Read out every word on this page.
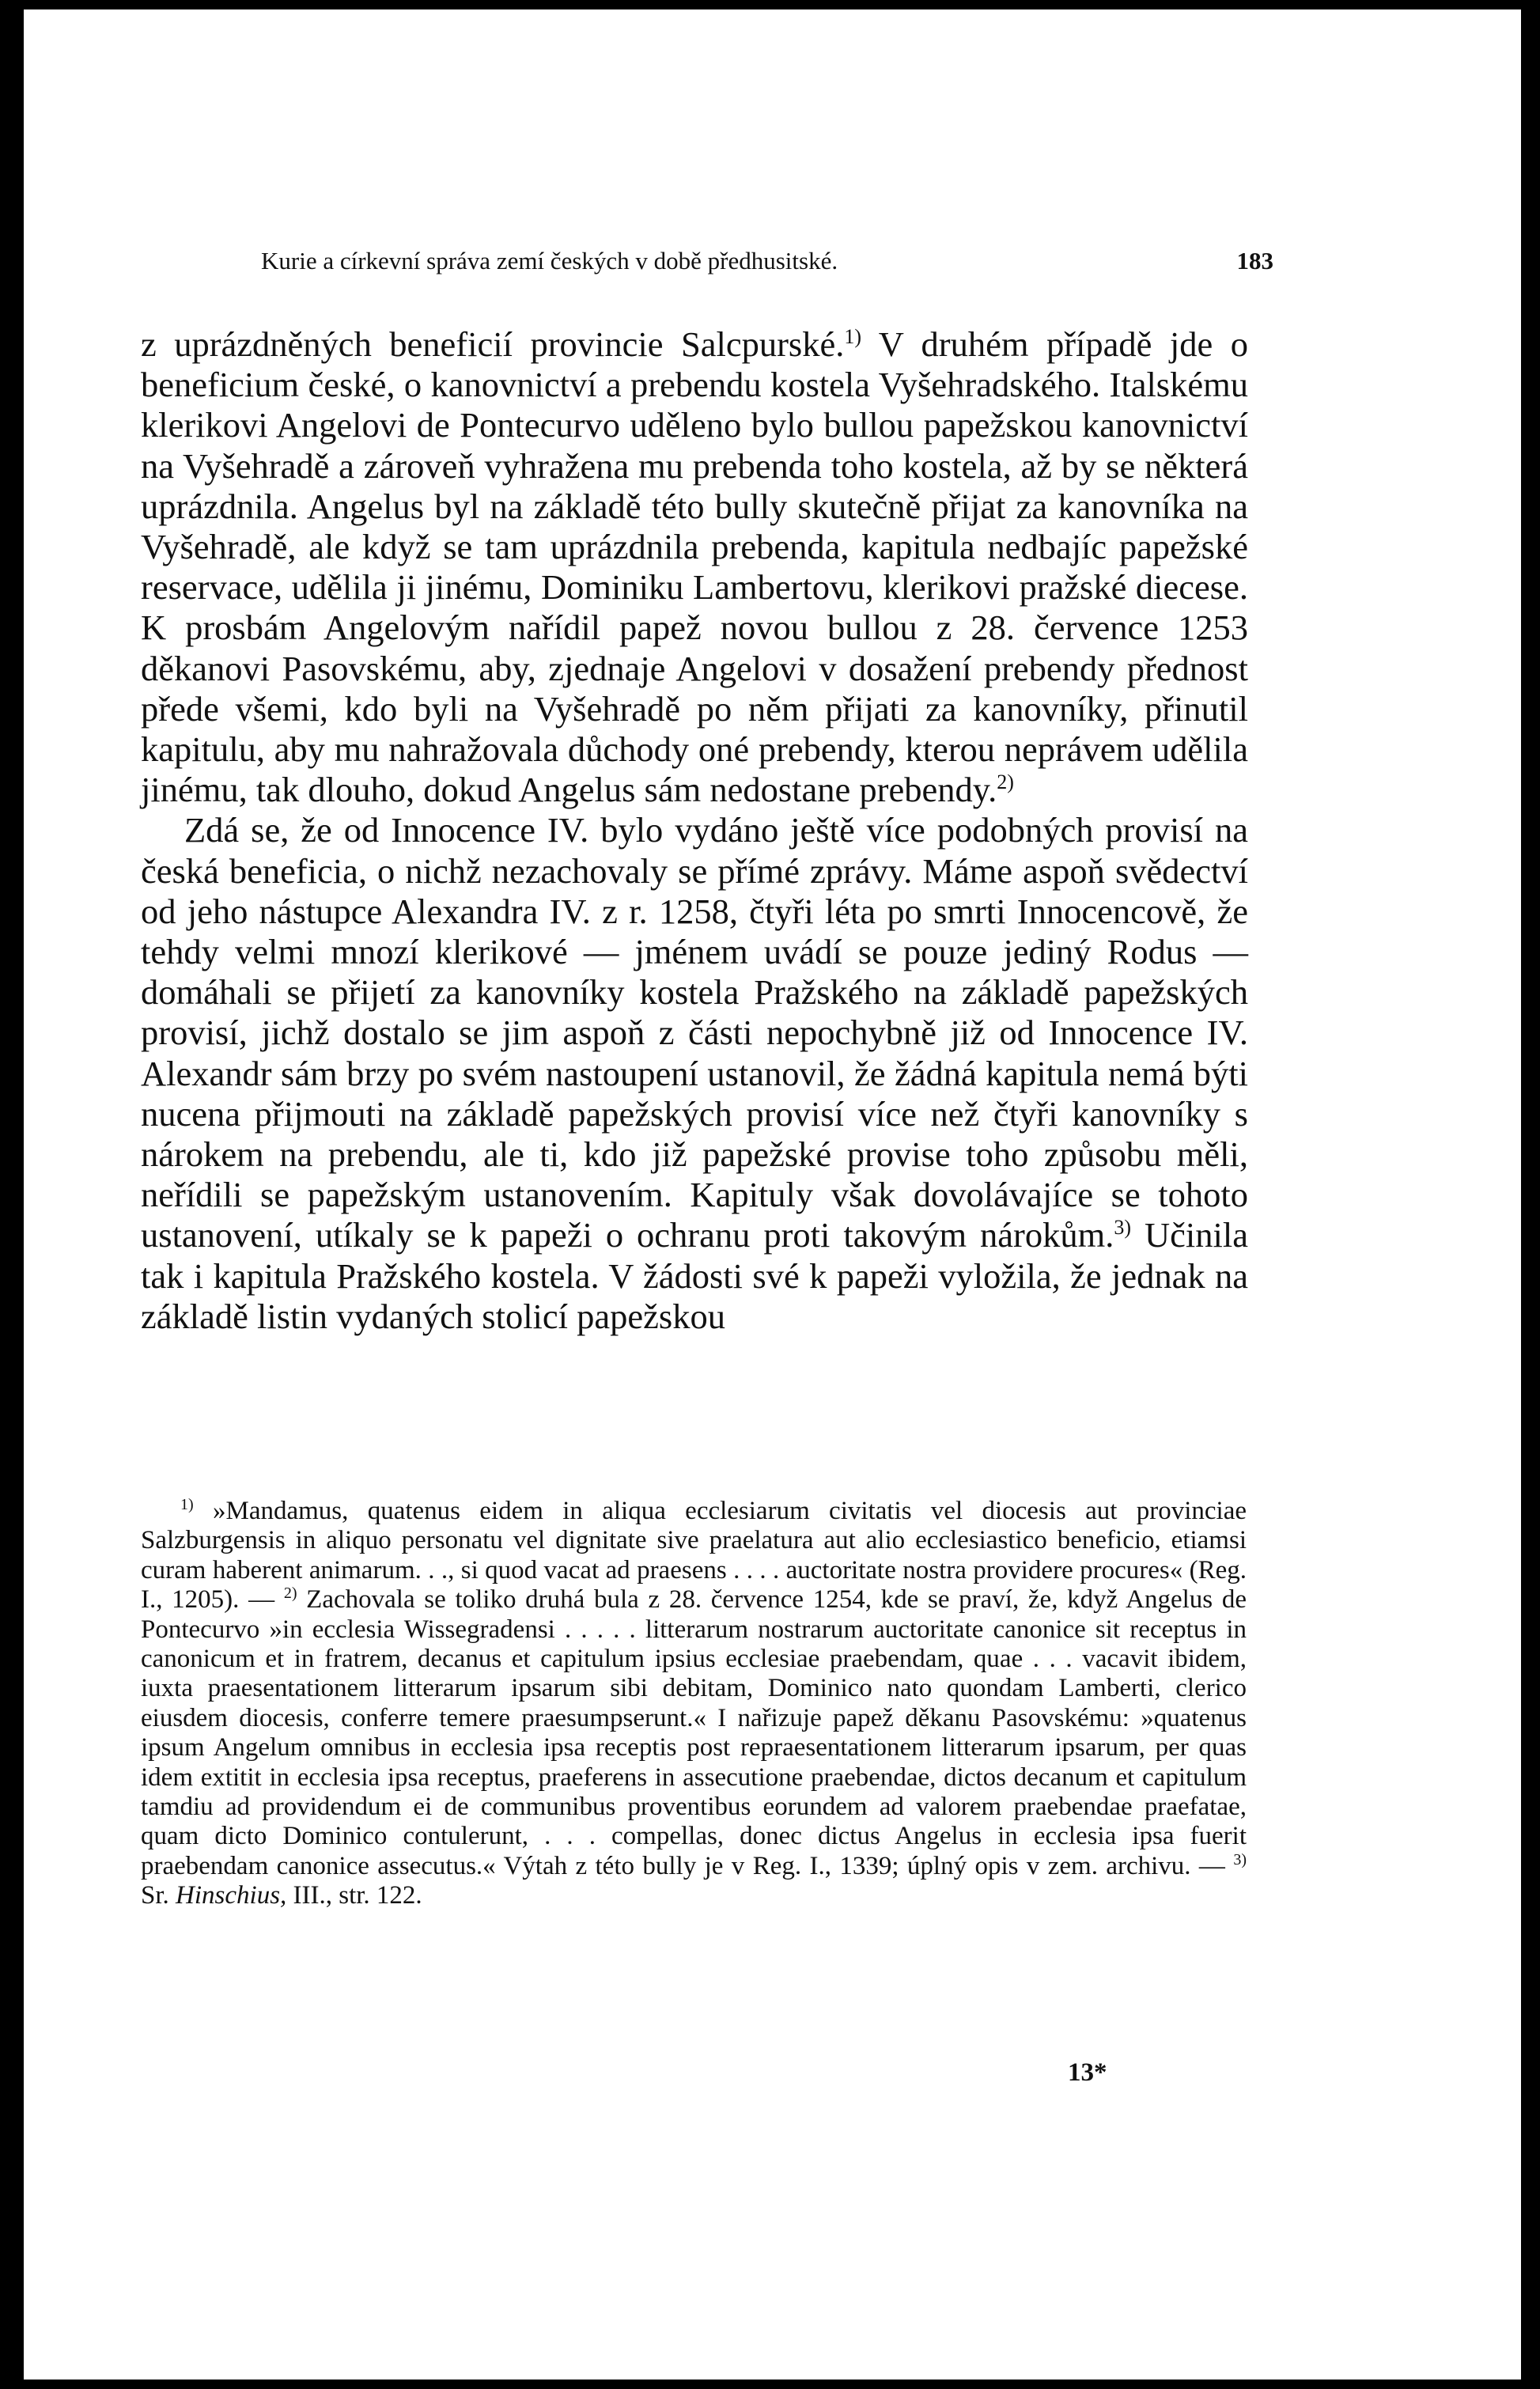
Kurie a církevní správa zemí českých v době předhusitské.	183

z uprázdněných beneficií provincie Salcpurské.$^{1)}$ V druhém případě jde o beneficium české, o kanovnictví a prebendu kostela Vyšehradského. Italskému klerikovi Angelovi de Pontecurvo uděleno bylo bullou papežskou kanovnictví na Vyšehradě a zároveň vyhražena mu prebenda toho kostela, až by se některá uprázdnila. Angelus byl na základě této bully skutečně přijat za kanovníka na Vyšehradě, ale když se tam uprázdnila prebenda, kapitula nedbajíc papežské reservace, udělila ji jinému, Dominiku Lambertovu, klerikovi pražské diecese. K prosbám Angelovým nařídil papež novou bullou z 28. července 1253 děkanovi Pasovskému, aby, zjednaje Angelovi v dosažení prebendy přednost přede všemi, kdo byli na Vyšehradě po něm přijati za kanovníky, přinutil kapitulu, aby mu nahražovala důchody oné prebendy, kterou neprávem udělila jinému, tak dlouho, dokud Angelus sám nedostane prebendy.$^{2)}$

Zdá se, že od Innocence IV. bylo vydáno ještě více podobných provisí na česká beneficia, o nichž nezachovaly se přímé zprávy. Máme aspoň svědectví od jeho nástupce Alexandra IV. z r. 1258, čtyři léta po smrti Innocencově, že tehdy velmi mnozí klerikové — jménem uvádí se pouze jediný Rodus — domáhali se přijetí za kanovníky kostela Pražského na základě papežských provisí, jichž dostalo se jim aspoň z části nepochybně již od Innocence IV. Alexandr sám brzy po svém nastoupení ustanovil, že žádná kapitula nemá býti nucena přijmouti na základě papežských provisí více než čtyři kanovníky s nárokem na prebendu, ale ti, kdo již papežské provise toho způsobu měli, neřídili se papežským ustanovením. Kapituly však dovolávajíce se tohoto ustanovení, utíkaly se k papeži o ochranu proti takovým nárokům.$^{3)}$ Učinila tak i kapitula Pražského kostela. V žádosti své k papeži vyložila, že jednak na základě listin vydaných stolicí papežskou

$^{1)}$ »Mandamus, quatenus eidem in aliqua ecclesiarum civitatis vel diocesis aut provinciae Salzburgensis in aliquo personatu vel dignitate sive praelatura aut alio ecclesiastico beneficio, etiamsi curam haberent animarum. . ., si quod vacat ad praesens . . . . auctoritate nostra providere procures« (Reg. I., 1205). — $^{2)}$ Zachovala se toliko druhá bula z 28. července 1254, kde se praví, že, když Angelus de Pontecurvo »in ecclesia Wissegradensi . . . . . litterarum nostrarum auctoritate canonice sit receptus in canonicum et in fratrem, decanus et capitulum ipsius ecclesiae praebendam, quae . . . vacavit ibidem, iuxta praesentationem litterarum ipsarum sibi debitam, Dominico nato quondam Lamberti, clerico eiusdem diocesis, conferre temere praesumpserunt.« I nařizuje papež děkanu Pasovskému: »quatenus ipsum Angelum omnibus in ecclesia ipsa receptis post repraesentationem litterarum ipsarum, per quas idem extitit in ecclesia ipsa receptus, praeferens in assecutione praebendae, dictos decanum et capitulum tamdiu ad providendum ei de communibus proventibus eorundem ad valorem praebendae praefatae, quam dicto Dominico contulerunt, . . . compellas, donec dictus Angelus in ecclesia ipsa fuerit praebendam canonice assecutus.« Výtah z této bully je v Reg. I., 1339; úplný opis v zem. archivu. — $^{3)}$ Sr. Hinschius, III., str. 122.

13*
